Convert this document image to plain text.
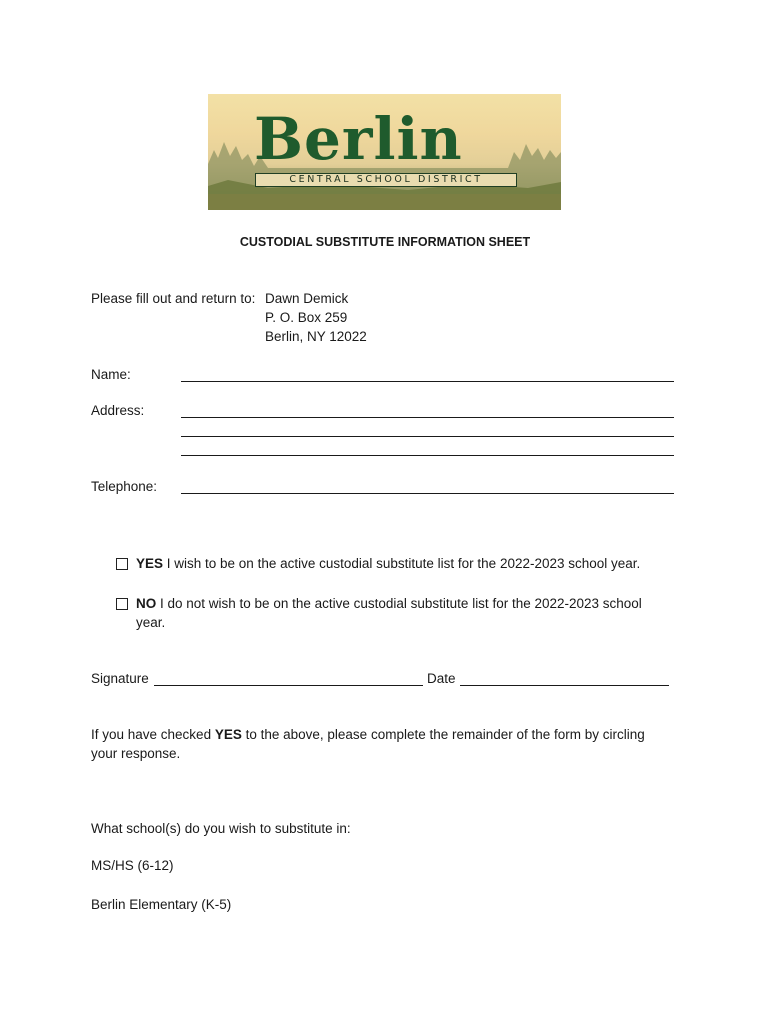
Berlin
CENTRAL SCHOOL DISTRICT
CUSTODIAL SUBSTITUTE INFORMATION SHEET
Please fill out and return to: Dawn Demick
P. O. Box 259
Berlin, NY 12022
Name:
Address:
Telephone:
YES I wish to be on the active custodial substitute list for the 2022-2023 school year.
NO I do not wish to be on the active custodial substitute list for the 2022-2023 school
year.
Signature	Date
If you have checked YES to the above, please complete the remainder of the form by circling
your response.
What school(s) do you wish to substitute in:
MS/HS (6-12)
Berlin Elementary (K-5)
